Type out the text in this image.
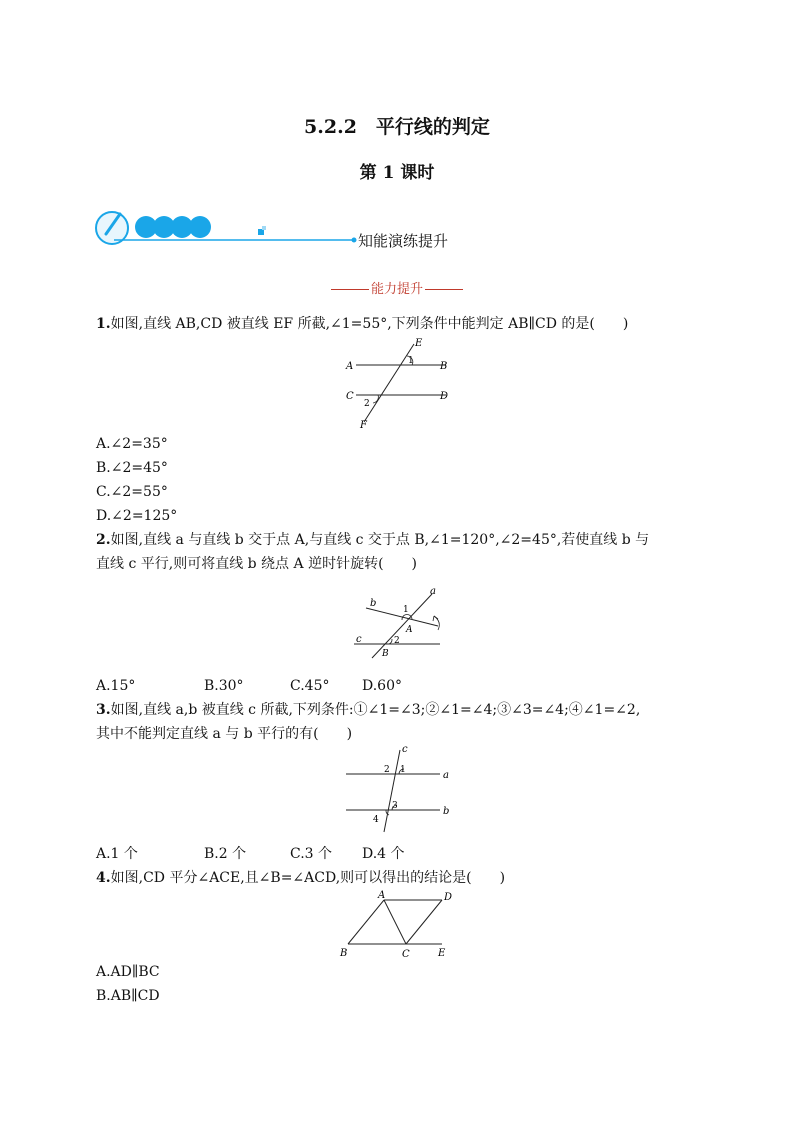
5.2.2　平行线的判定
第 1 课时
知能演练提升
能力提升
1.如图,直线 AB,CD 被直线 EF 所截,∠1=55°,下列条件中能判定 AB∥CD 的是(　　)
E
A	1	B
C
2
D
F
A.∠2=35°
B.∠2=45°
C.∠2=55°
D.∠2=125°
2.如图,直线 a 与直线 b 交于点 A,与直线 c 交于点 B,∠1=120°,∠2=45°,若使直线 b 与
直线 c 平行,则可将直线 b 绕点 A 逆时针旋转(　　)
b
1
a
A
c	2
B
A.15°	B.30°	C.45° D.60°
3.如图,直线 a,b 被直线 c 所截,下列条件:①∠1=∠3;②∠1=∠4;③∠3=∠4;④∠1=∠2,
其中不能判定直线 a 与 b 平行的有(　　)
c
2 1	a
3	b
4
A.1 个	B.2 个	C.3 个 D.4 个
4.如图,CD 平分∠ACE,且∠B=∠ACD,则可以得出的结论是(　　)
A	D
B	C	E
A.AD∥BC
B.AB∥CD
